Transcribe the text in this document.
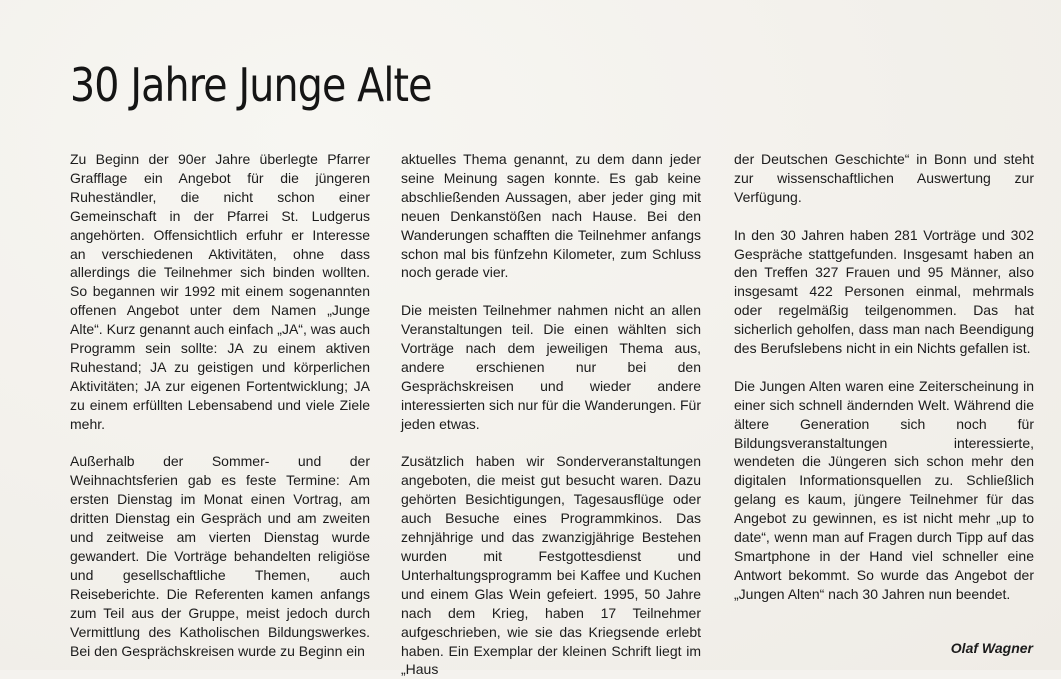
30 Jahre Junge Alte

Zu Beginn der 90er Jahre überlegte Pfarrer Grafflage ein Angebot für die jüngeren Ruheständler, die nicht schon einer Gemeinschaft in der Pfarrei St. Ludgerus angehörten. Offensichtlich erfuhr er Interesse an verschiedenen Aktivitäten, ohne dass allerdings die Teilnehmer sich binden wollten. So begannen wir 1992 mit einem sogenannten offenen Angebot unter dem Namen „Junge Alte“. Kurz genannt auch einfach „JA“, was auch Programm sein sollte: JA zu einem aktiven Ruhestand; JA zu geistigen und körperlichen Aktivitäten; JA zur eigenen Fortentwicklung; JA zu einem erfüllten Lebensabend und viele Ziele mehr.

Außerhalb der Sommer- und der Weihnachtsferien gab es feste Termine: Am ersten Dienstag im Monat einen Vortrag, am dritten Dienstag ein Gespräch und am zweiten und zeitweise am vierten Dienstag wurde gewandert. Die Vorträge behandelten religiöse und gesellschaftliche Themen, auch Reiseberichte. Die Referenten kamen anfangs zum Teil aus der Gruppe, meist jedoch durch Vermittlung des Katholischen Bildungswerkes. Bei den Gesprächskreisen wurde zu Beginn ein

aktuelles Thema genannt, zu dem dann jeder seine Meinung sagen konnte. Es gab keine abschließenden Aussagen, aber jeder ging mit neuen Denkanstößen nach Hause. Bei den Wanderungen schafften die Teilnehmer anfangs schon mal bis fünfzehn Kilometer, zum Schluss noch gerade vier.

Die meisten Teilnehmer nahmen nicht an allen Veranstaltungen teil. Die einen wählten sich Vorträge nach dem jeweiligen Thema aus, andere erschienen nur bei den Gesprächskreisen und wieder andere interessierten sich nur für die Wanderungen. Für jeden etwas.

Zusätzlich haben wir Sonderveranstaltungen angeboten, die meist gut besucht waren. Dazu gehörten Besichtigungen, Tagesausflüge oder auch Besuche eines Programmkinos. Das zehnjährige und das zwanzigjährige Bestehen wurden mit Festgottesdienst und Unterhaltungsprogramm bei Kaffee und Kuchen und einem Glas Wein gefeiert. 1995, 50 Jahre nach dem Krieg, haben 17 Teilnehmer aufgeschrieben, wie sie das Kriegsende erlebt haben. Ein Exemplar der kleinen Schrift liegt im „Haus

der Deutschen Geschichte“ in Bonn und steht zur wissenschaftlichen Auswertung zur Verfügung.

In den 30 Jahren haben 281 Vorträge und 302 Gespräche stattgefunden. Insgesamt haben an den Treffen 327 Frauen und 95 Männer, also insgesamt 422 Personen einmal, mehrmals oder regelmäßig teilgenommen. Das hat sicherlich geholfen, dass man nach Beendigung des Berufslebens nicht in ein Nichts gefallen ist.

Die Jungen Alten waren eine Zeiterscheinung in einer sich schnell ändernden Welt. Während die ältere Generation sich noch für Bildungsveranstaltungen interessierte, wendeten die Jüngeren sich schon mehr den digitalen Informationsquellen zu. Schließlich gelang es kaum, jüngere Teilnehmer für das Angebot zu gewinnen, es ist nicht mehr „up to date“, wenn man auf Fragen durch Tipp auf das Smartphone in der Hand viel schneller eine Antwort bekommt. So wurde das Angebot der „Jungen Alten“ nach 30 Jahren nun beendet.

Olaf Wagner
